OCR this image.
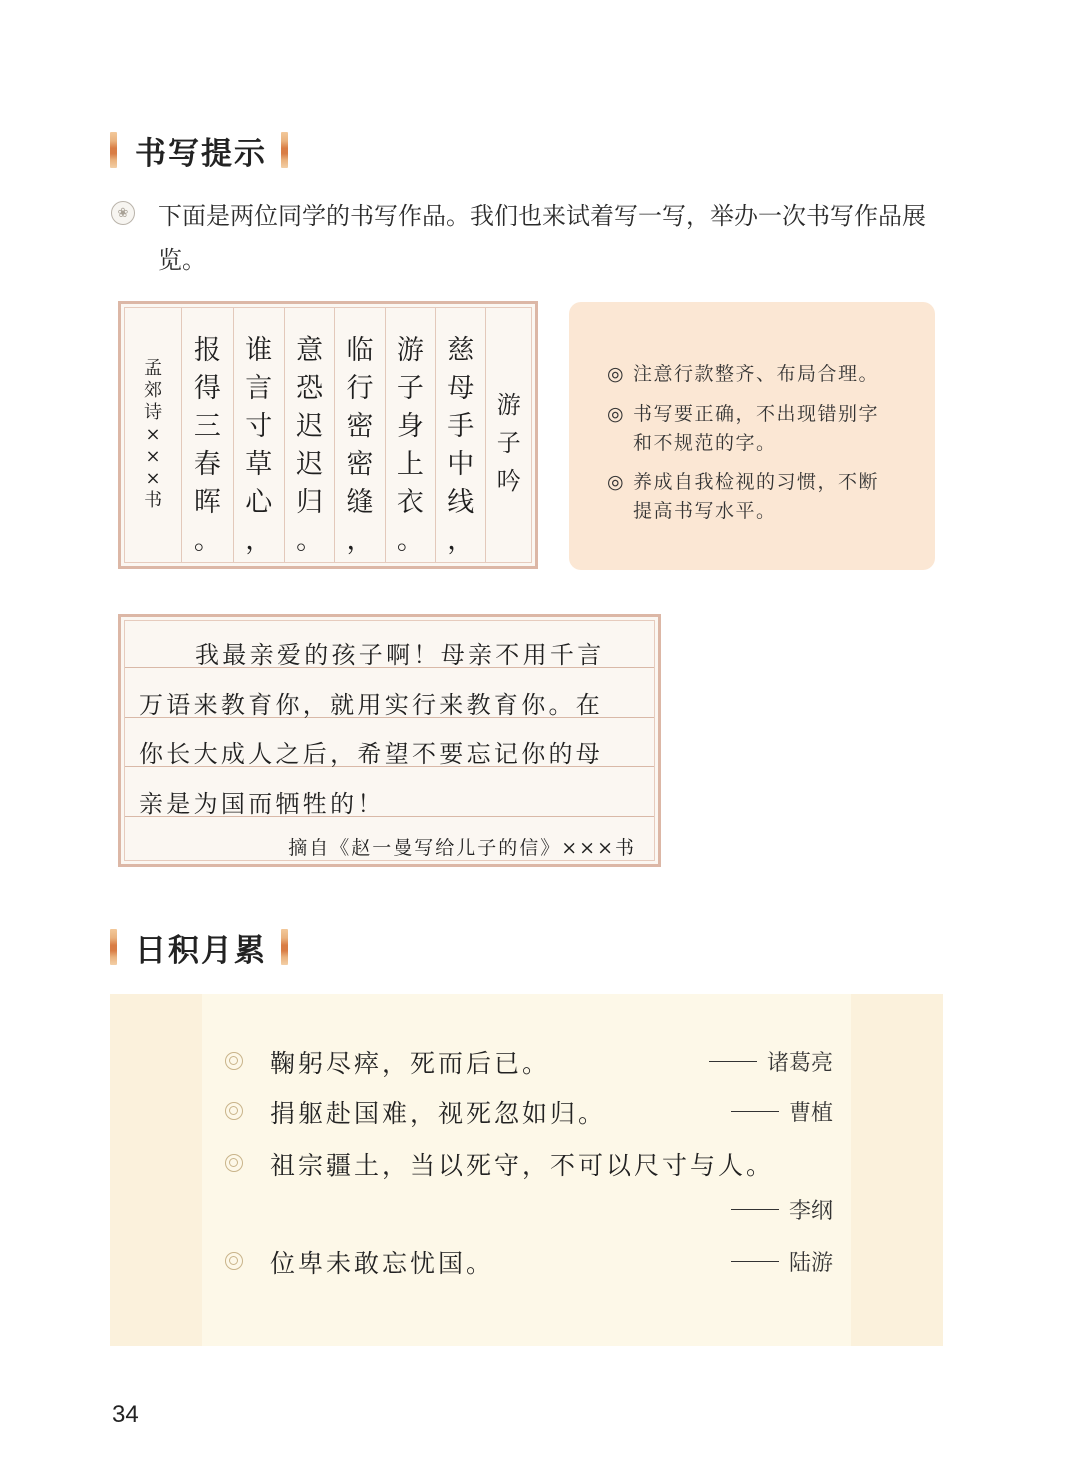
书写提示
❀ 下面是两位同学的书写作品。我们也来试着写一写，举办一次书写作品展览。
孟
郊
诗
×
×
×
书
报
得
三
春
晖
。
谁
言
寸
草
心
，
意
恐
迟
迟
归
。
临
行
密
密
缝
，
游
子
身
上
衣
。
慈
母
手
中
线
，
游
子
吟
◎ 注意行款整齐、布局合理。
◎ 书写要正确，不出现错别字
和不规范的字。
◎ 养成自我检视的习惯，不断
提高书写水平。
我最亲爱的孩子啊！母亲不用千言
万语来教育你，就用实行来教育你。在
你长大成人之后，希望不要忘记你的母
亲是为国而牺牲的！
摘自《赵一曼写给儿子的信》×××书
日积月累
鞠躬尽瘁，死而后已。	诸葛亮
捐躯赴国难，视死忽如归。	曹植
祖宗疆土，当以死守，不可以尺寸与人。
李纲
位卑未敢忘忧国。	陆游
34
